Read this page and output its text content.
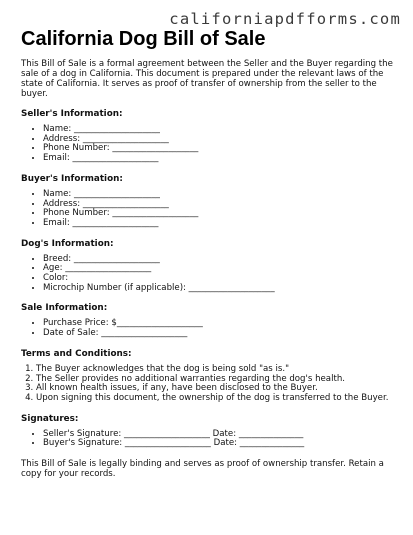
californiapdfforms.com
California Dog Bill of Sale

This Bill of Sale is a formal agreement between the Seller and the Buyer regarding the sale of a dog in California. This document is prepared under the relevant laws of the state of California. It serves as proof of transfer of ownership from the seller to the buyer.

Seller's Information:

• Name: ____________________
• Address: ____________________
• Phone Number: ____________________
• Email: ____________________

Buyer's Information:

• Name: ____________________
• Address: ____________________
• Phone Number: ____________________
• Email: ____________________

Dog's Information:

• Breed: ____________________
• Age: ____________________
• Color:
• Microchip Number (if applicable): ____________________

Sale Information:

• Purchase Price: $____________________
• Date of Sale: ____________________

Terms and Conditions:

1. The Buyer acknowledges that the dog is being sold "as is."
2. The Seller provides no additional warranties regarding the dog's health.
3. All known health issues, if any, have been disclosed to the Buyer.
4. Upon signing this document, the ownership of the dog is transferred to the Buyer.

Signatures:

• Seller's Signature: ____________________ Date: _______________
• Buyer's Signature: ____________________ Date: _______________

This Bill of Sale is legally binding and serves as proof of ownership transfer. Retain a copy for your records.
